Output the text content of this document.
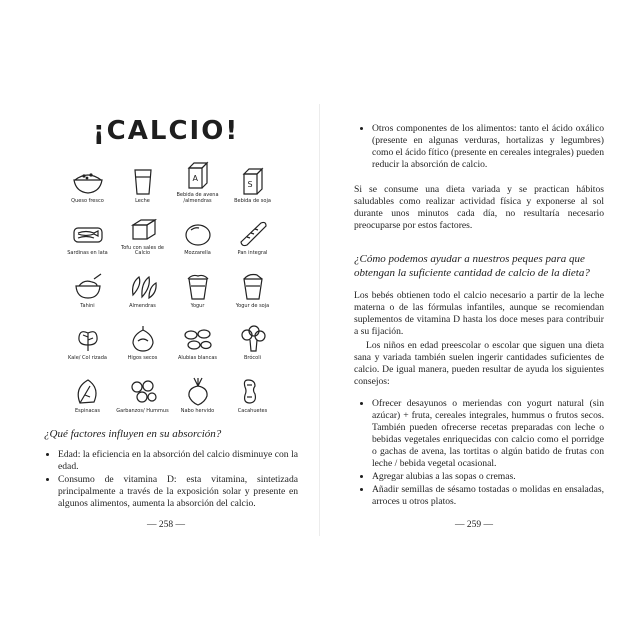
¡CALCIO!
Queso fresco	Leche
A
Bebida de avena
/almendras
S
Bebida de soja
Sardinas en lata
Tofu con sales de Calcio	Mozzarella	Pan integral
Tahini	Almendras	Yogur	Yogur de soja
Kale/ Col rizada	Higos secos	Alubias blancas	Brócoli
Espinacas	Garbanzos/ Hummus Nabo hervido	Cacahuetes
¿Qué factores influyen en su absorción?
• Edad: la eficiencia en la absorción del calcio disminuye con la edad.
• Consumo de vitamina D: esta vitamina, sintetizada principalmente a través de la exposición solar y presente en algunos alimentos, aumenta la absorción del calcio.
— 258 —
• Otros componentes de los alimentos: tanto el ácido oxálico (presente en algunas verduras, hortalizas y legumbres) como el ácido fítico (presente en cereales integrales) pueden reducir la absorción de calcio.
Si se consume una dieta variada y se practican hábitos saludables como realizar actividad física y exponerse al sol durante unos minutos cada día, no resultaría necesario preocuparse por estos factores.
¿Cómo podemos ayudar a nuestros peques para que obtengan la suficiente cantidad de calcio de la dieta?
Los bebés obtienen todo el calcio necesario a partir de la leche materna o de las fórmulas infantiles, aunque se recomiendan suplementos de vitamina D hasta los doce meses para contribuir a su fijación.
Los niños en edad preescolar o escolar que siguen una dieta sana y variada también suelen ingerir cantidades suficientes de calcio. De igual manera, pueden resultar de ayuda los siguientes consejos:
• Ofrecer desayunos o meriendas con yogurt natural (sin azúcar) + fruta, cereales integrales, hummus o frutos secos. También pueden ofrecerse recetas preparadas con leche o bebidas vegetales enriquecidas con calcio como el porridge o gachas de avena, las tortitas o algún batido de frutas con leche / bebida vegetal ocasional.
• Agregar alubias a las sopas o cremas.
• Añadir semillas de sésamo tostadas o molidas en ensaladas, arroces u otros platos.
— 259 —
